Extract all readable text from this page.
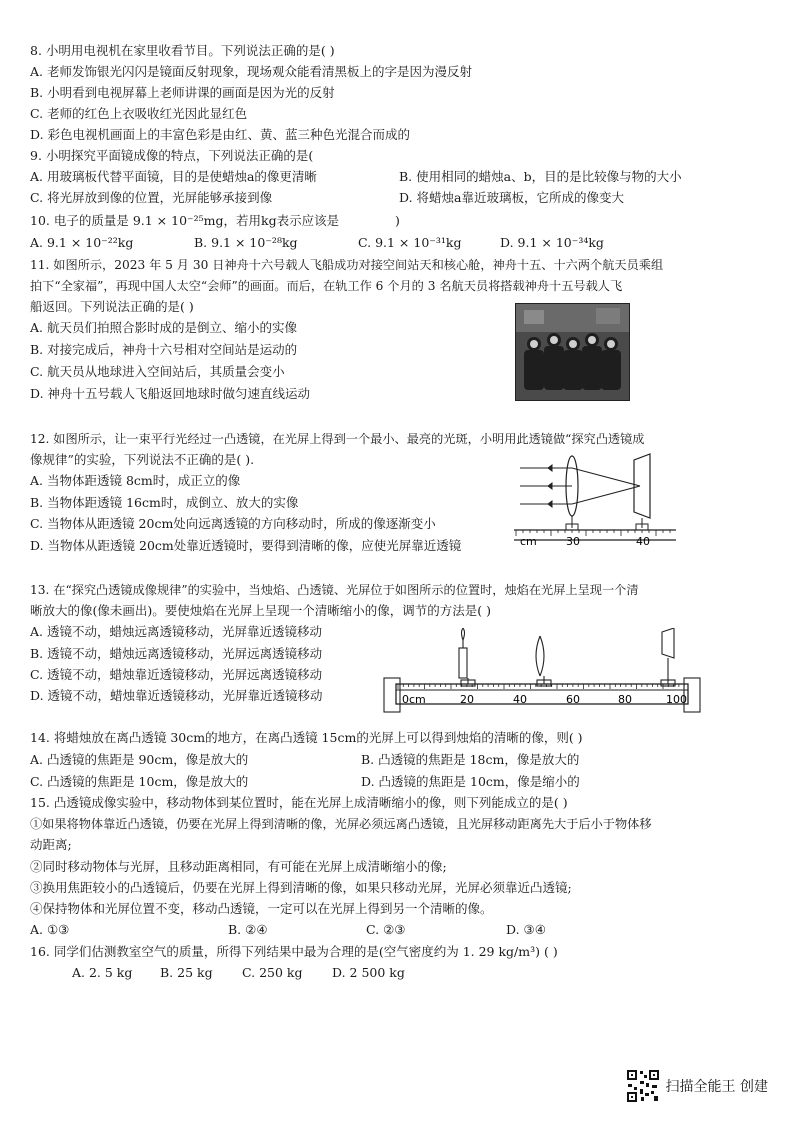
8. 小明用电视机在家里收看节目。下列说法正确的是( )
A. 老师发饰银光闪闪是镜面反射现象，现场观众能看清黑板上的字是因为漫反射
B. 小明看到电视屏幕上老师讲课的画面是因为光的反射
C. 老师的红色上衣吸收红光因此显红色
D. 彩色电视机画面上的丰富色彩是由红、黄、蓝三种色光混合而成的
9. 小明探究平面镜成像的特点，下列说法正确的是(
A. 用玻璃板代替平面镜，目的是使蜡烛a的像更清晰	B. 使用相同的蜡烛a、b，目的是比较像与物的大小
C. 将光屏放到像的位置，光屏能够承接到像	D. 将蜡烛a靠近玻璃板，它所成的像变大
10. 电子的质量是 9.1 × 10⁻²⁵mg，若用kg表示应该是	)
A. 9.1 × 10⁻²²kg	B. 9.1 × 10⁻²⁸kg	C. 9.1 × 10⁻³¹kg	D. 9.1 × 10⁻³⁴kg
11. 如图所示，2023 年 5 月 30 日神舟十六号载人飞船成功对接空间站天和核心舱，神舟十五、十六两个航天员乘组
拍下“全家福”，再现中国人太空“会师”的画面。而后，在轨工作 6 个月的 3 名航天员将搭载神舟十五号载人飞
船返回。下列说法正确的是( )
A. 航天员们拍照合影时成的是倒立、缩小的实像
B. 对接完成后，神舟十六号相对空间站是运动的
C. 航天员从地球进入空间站后，其质量会变小
D. 神舟十五号载人飞船返回地球时做匀速直线运动
12. 如图所示，让一束平行光经过一凸透镜，在光屏上得到一个最小、最亮的光斑，小明用此透镜做“探究凸透镜成
像规律”的实验，下列说法不正确的是( ).
A. 当物体距透镜 8cm时，成正立的像
B. 当物体距透镜 16cm时，成倒立、放大的实像
C. 当物体从距透镜 20cm处向远离透镜的方向移动时，所成的像逐渐变小
D. 当物体从距透镜 20cm处靠近透镜时，要得到清晰的像，应使光屏靠近透镜	cm	30	40
13. 在“探究凸透镜成像规律”的实验中，当烛焰、凸透镜、光屏位于如图所示的位置时，烛焰在光屏上呈现一个清
晰放大的像(像未画出)。要使烛焰在光屏上呈现一个清晰缩小的像，调节的方法是( )
A. 透镜不动，蜡烛远离透镜移动，光屏靠近透镜移动
B. 透镜不动，蜡烛远离透镜移动，光屏远离透镜移动
C. 透镜不动，蜡烛靠近透镜移动，光屏远离透镜移动
D. 透镜不动，蜡烛靠近透镜移动，光屏靠近透镜移动	0cm	20	40	60	80	100
14. 将蜡烛放在离凸透镜 30cm的地方，在离凸透镜 15cm的光屏上可以得到烛焰的清晰的像，则( )
A. 凸透镜的焦距是 90cm，像是放大的	B. 凸透镜的焦距是 18cm，像是放大的
C. 凸透镜的焦距是 10cm，像是放大的	D. 凸透镜的焦距是 10cm，像是缩小的
15. 凸透镜成像实验中，移动物体到某位置时，能在光屏上成清晰缩小的像，则下列能成立的是( )
①如果将物体靠近凸透镜，仍要在光屏上得到清晰的像，光屏必须远离凸透镜，且光屏移动距离先大于后小于物体移
动距离;
②同时移动物体与光屏，且移动距离相同，有可能在光屏上成清晰缩小的像;
③换用焦距较小的凸透镜后，仍要在光屏上得到清晰的像，如果只移动光屏，光屏必须靠近凸透镜;
④保持物体和光屏位置不变，移动凸透镜，一定可以在光屏上得到另一个清晰的像。
A. ①③	B. ②④	C. ②③	D. ③④
16. 同学们估测教室空气的质量，所得下列结果中最为合理的是(空气密度约为 1. 29 kg/m³) ( )
A. 2. 5 kg B. 25 kg C. 250 kg D. 2 500 kg
扫描全能王 创建
